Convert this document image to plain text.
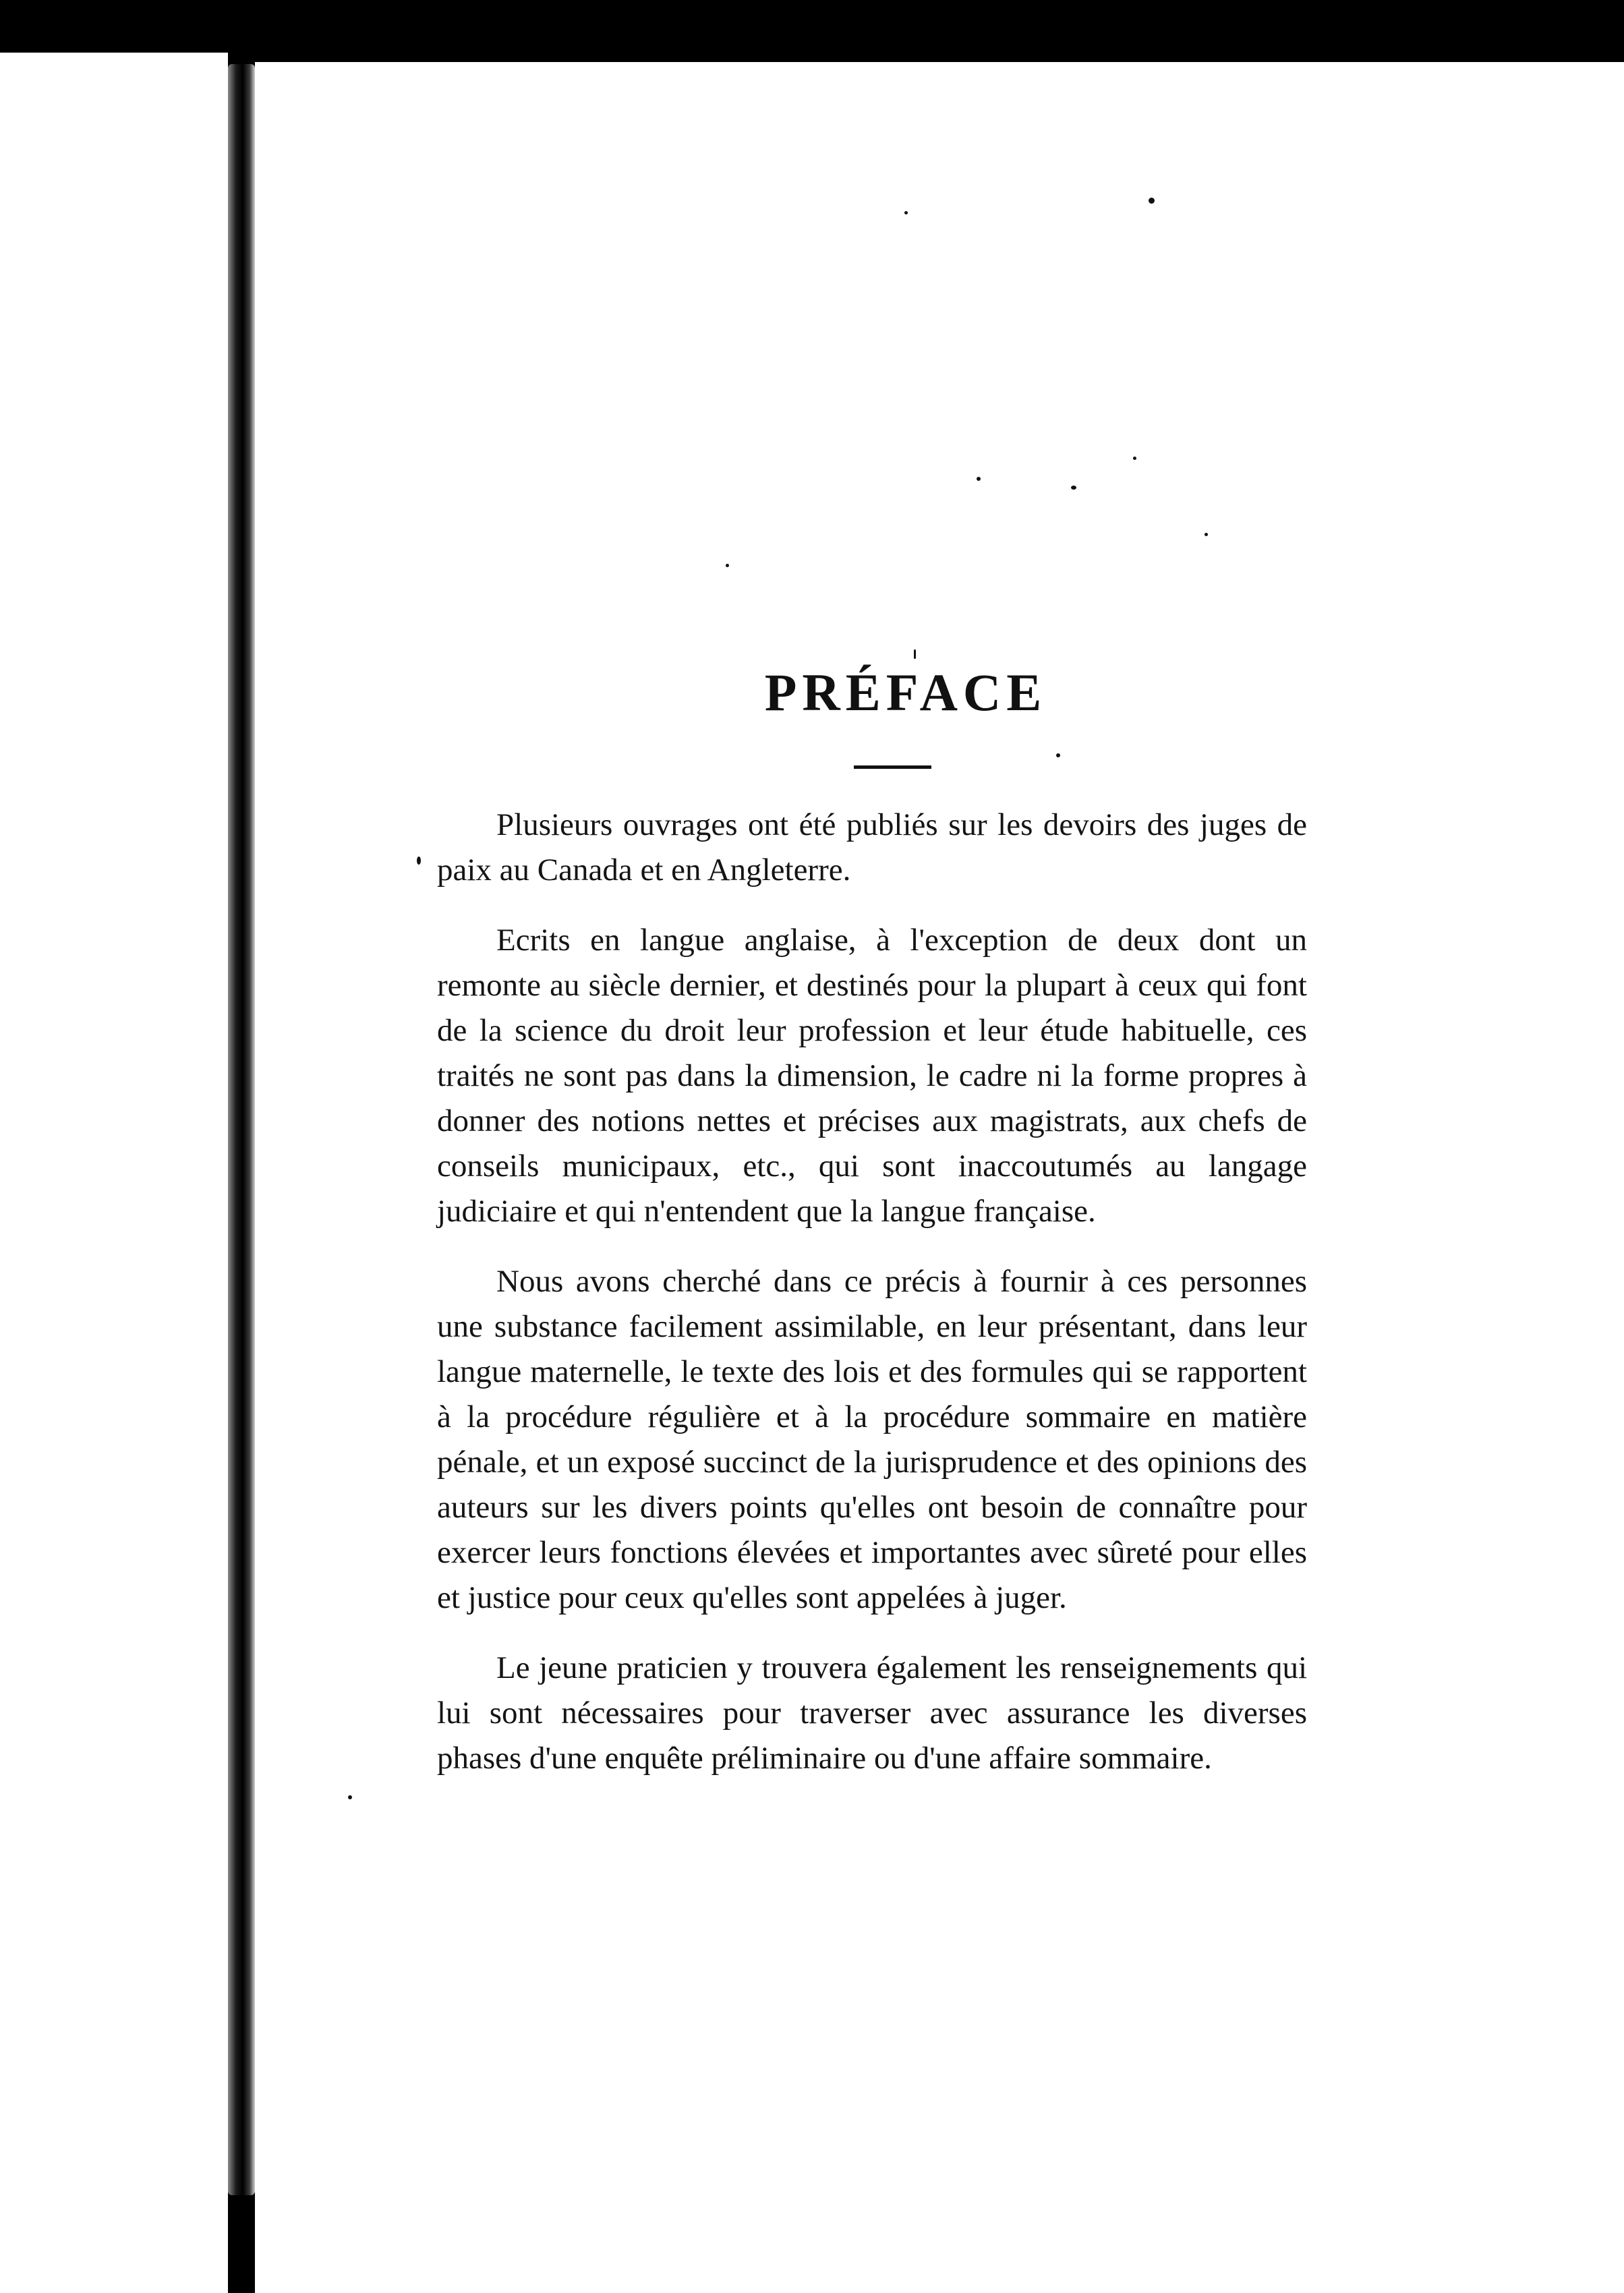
PRÉFACE

Plusieurs ouvrages ont été publiés sur les devoirs des juges de paix au Canada et en Angleterre.

Ecrits en langue anglaise, à l'exception de deux dont un remonte au siècle dernier, et destinés pour la plupart à ceux qui font de la science du droit leur profession et leur étude habituelle, ces traités ne sont pas dans la dimension, le cadre ni la forme propres à donner des notions nettes et précises aux magistrats, aux chefs de conseils municipaux, etc., qui sont inaccoutumés au langage judiciaire et qui n'entendent que la langue française.

Nous avons cherché dans ce précis à fournir à ces personnes une substance facilement assimilable, en leur présentant, dans leur langue maternelle, le texte des lois et des formules qui se rapportent à la procédure régulière et à la procédure sommaire en matière pénale, et un exposé succinct de la jurisprudence et des opinions des auteurs sur les divers points qu'elles ont besoin de connaître pour exercer leurs fonctions élevées et importantes avec sûreté pour elles et justice pour ceux qu'elles sont appelées à juger.

Le jeune praticien y trouvera également les renseignements qui lui sont nécessaires pour traverser avec assurance les diverses phases d'une enquête préliminaire ou d'une affaire sommaire.
